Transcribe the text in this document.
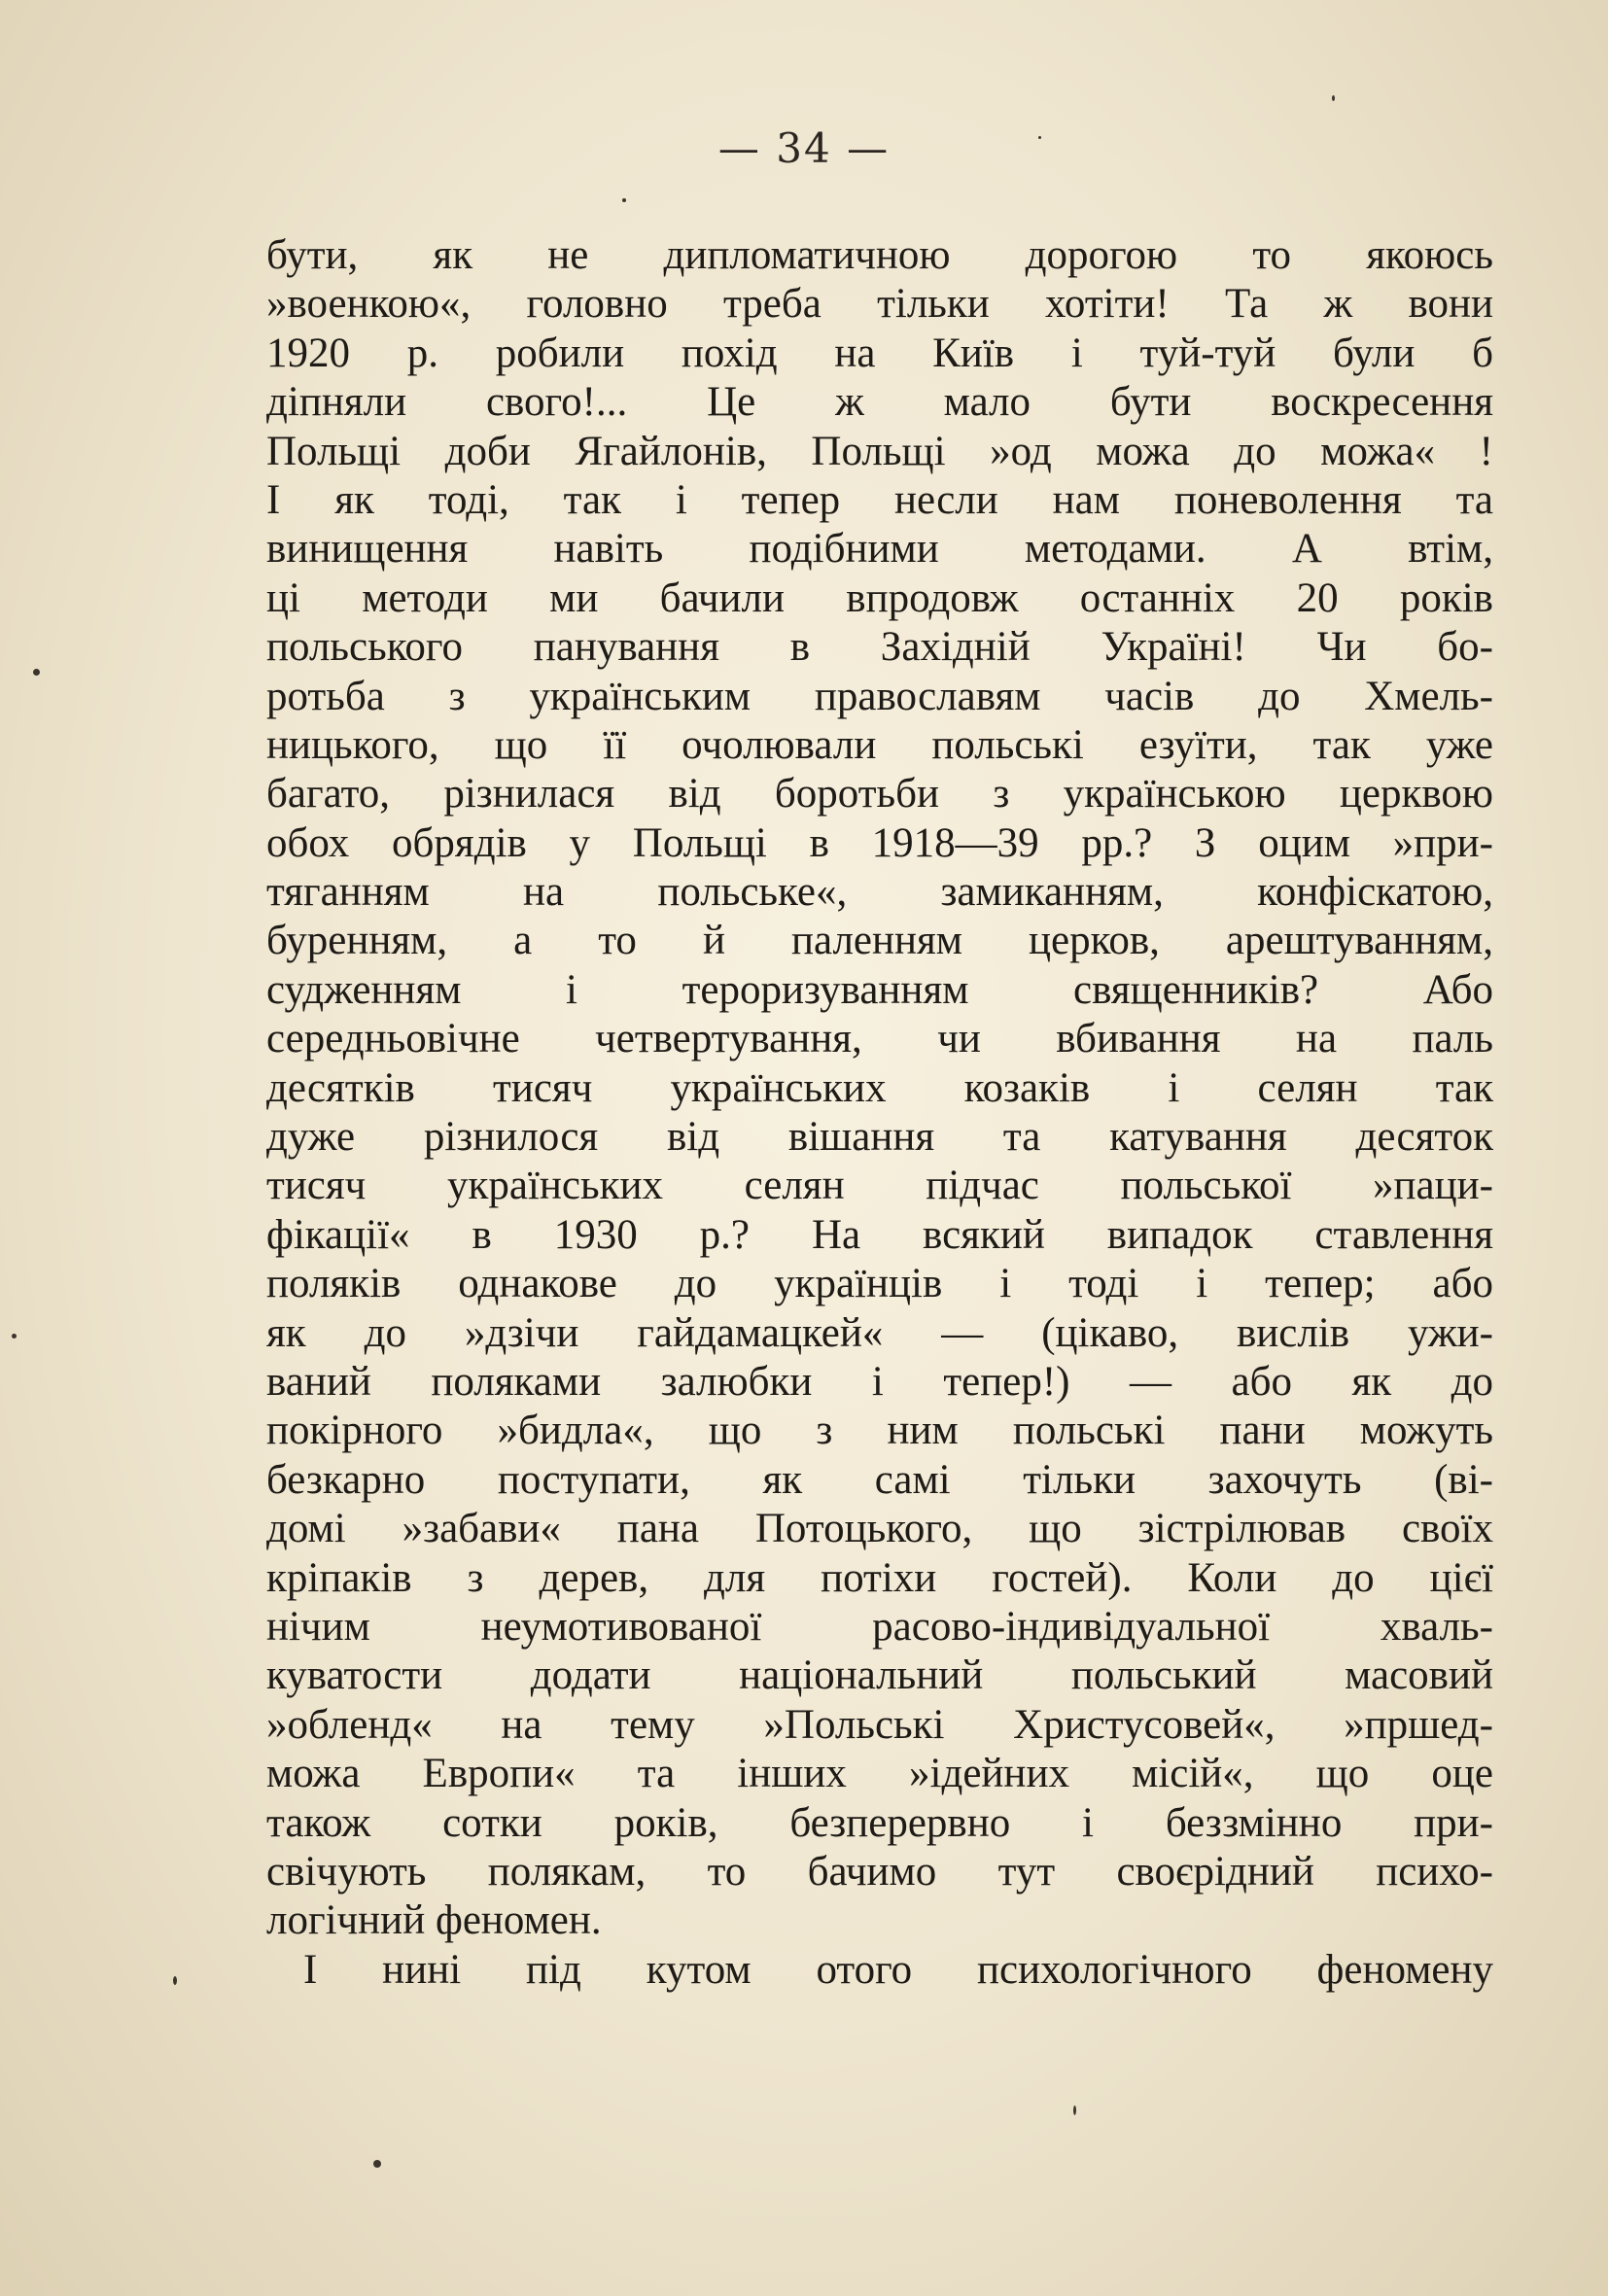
— 34 —
бути, як не дипломатичною дорогою то якоюсь
»военкою«, головно треба тільки хотіти! Та ж вони
1920 р. робили похід на Київ і туй-туй були б
діпняли свого!... Це ж мало бути воскресення
Польщі доби Ягайлонів, Польщі »од можа до можа« !
І як тоді, так і тепер несли нам поневолення та
винищення навіть подібними методами. А втім,
ці методи ми бачили впродовж останніх 20 років
польського панування в Західній Україні! Чи бо-
ротьба з українським православям часів до Хмель-
ницького, що її очолювали польські езуїти, так уже
багато, різнилася від боротьби з українською церквою
обох обрядів у Польщі в 1918—39 рр.? З оцим »при-
тяганням на польське«, замиканням, конфіскатою,
буренням, а то й паленням церков, арештуванням,
судженням і тероризуванням священників? Або
середньовічне четвертування, чи вбивання на паль
десятків тисяч українських козаків і селян так
дуже різнилося від вішання та катування десяток
тисяч українських селян підчас польської »паци-
фікації« в 1930 р.? На всякий випадок ставлення
поляків однакове до українців і тоді і тепер; або
як до »дзічи гайдамацкей« — (цікаво, вислів ужи-
ваний поляками залюбки і тепер!) — або як до
покірного »бидла«, що з ним польські пани можуть
безкарно поступати, як самі тільки захочуть (ві-
домі »забави« пана Потоцького, що зістрілював своїх
кріпаків з дерев, для потіхи гостей). Коли до цієї
нічим неумотивованої расово-індивідуальної хваль-
куватости додати національний польський масовий
»обленд« на тему »Польські Христусовей«, »пршед-
можа Европи« та інших »ідейних місій«, що оце
також сотки років, безперервно і беззмінно при-
свічують полякам, то бачимо тут своєрідний психо-
логічний феномен.
І нині під кутом отого психологічного феномену
